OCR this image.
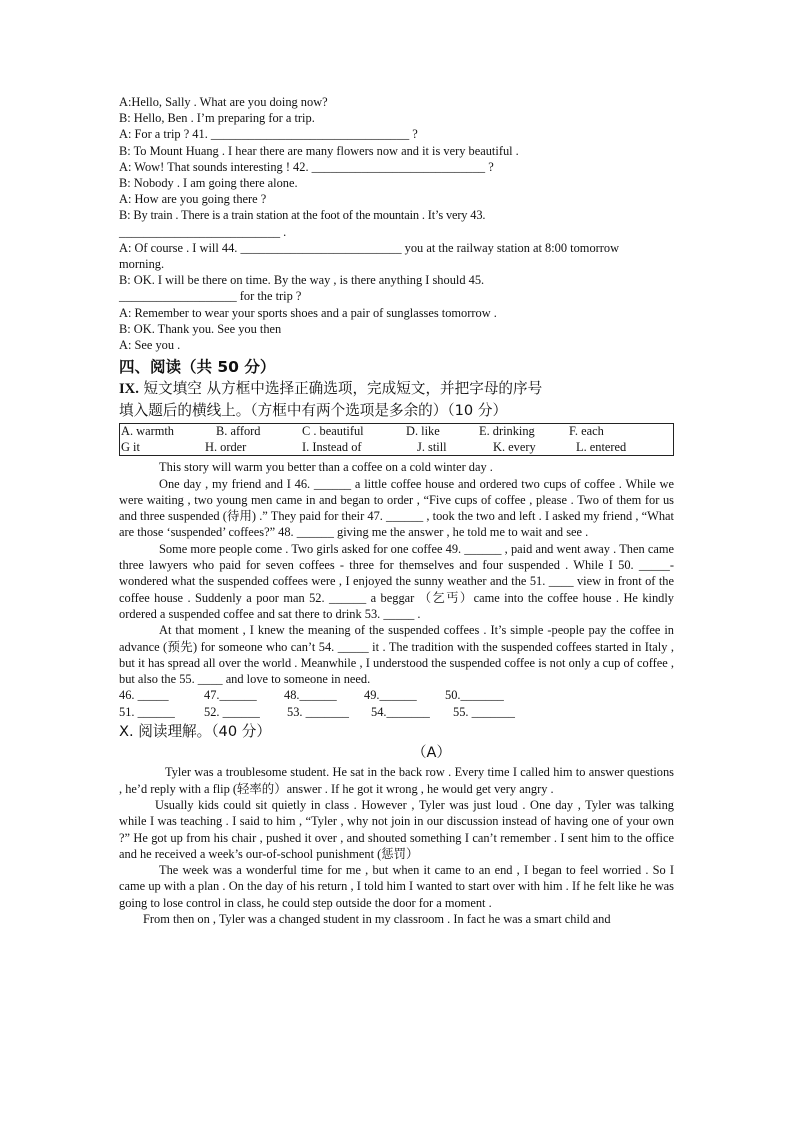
A:Hello, Sally . What are you doing now?

B: Hello, Ben . I’m preparing for a trip.

A: For a trip ? 41. ________________________________ ?

B: To Mount Huang . I hear there are many flowers now and it is very beautiful .

A: Wow! That sounds interesting ! 42. ____________________________ ?

B: Nobody . I am going there alone.

A: How are you going there ?

B: By train . There is a train station at the foot of the mountain . It’s very 43.

__________________________ .

A: Of course . I will 44. __________________________ you at the railway station at 8:00 tomorrow

morning.

B: OK. I will be there on time. By the way , is there anything I should 45.

___________________ for the trip ?

A: Remember to wear your sports shoes and a pair of sunglasses tomorrow .

B: OK. Thank you. See you then

A: See you .

四、阅读（共 50 分）

IX. 短文填空 从方框中选择正确选项，完成短文，并把字母的序号

填入题后的横线上。（方框中有两个选项是多余的）（10 分）

A. warmth	B. afford	C . beautiful	D. like	E. drinking	F. each
G it	H. order	I. Instead of	J. still	K. every	L. entered

This story will warm you better than a coffee on a cold winter day .

One day , my friend and I 46. ______ a little coffee house and ordered two cups of coffee . While we were waiting , two young men came in and began to order , “Five cups of coffee , please . Two of them for us and three suspended (待用) .” They paid for their 47. ______ , took the two and left . I asked my friend , “What are those ‘suspended’ coffees?” 48. ______ giving me the answer , he told me to wait and see .

Some more people come . Two girls asked for one coffee 49. ______ , paid and went away . Then came three lawyers who paid for seven coffees - three for themselves and four suspended . While I 50. _____- wondered what the suspended coffees were , I enjoyed the sunny weather and the 51. ____ view in front of the coffee house . Suddenly a poor man 52. ______ a beggar （乞丐）came into the coffee house . He kindly ordered a suspended coffee and sat there to drink 53. _____ .

At that moment , I knew the meaning of the suspended coffees . It’s simple -people pay the coffee in advance (预先) for someone who can’t 54. _____ it . The tradition with the suspended coffees started in Italy , but it has spread all over the world . Meanwhile , I understood the suspended coffee is not only a cup of coffee , but also the 55. ____ and love to someone in need.

46. _____	47.______ 48.______ 49.______ 50._______
51. ______ 52. ______ 53. _______ 54._______ 55. _______

X. 阅读理解。（40 分）

（A）

Tyler was a troublesome student. He sat in the back row . Every time I called him to answer questions , he’d reply with a flip (轻率的）answer . If he got it wrong , he would get very angry .

Usually kids could sit quietly in class . However , Tyler was just loud . One day , Tyler was talking while I was teaching . I said to him , “Tyler , why not join in our discussion instead of having one of your own ?” He got up from his chair , pushed it over , and shouted something I can’t remember . I sent him to the office and he received a week’s our-of-school punishment (惩罚）

The week was a wonderful time for me , but when it came to an end , I began to feel worried . So I came up with a plan . On the day of his return , I told him I wanted to start over with him . If he felt like he was going to lose control in class, he could step outside the door for a moment .

From then on , Tyler was a changed student in my classroom . In fact he was a smart child and
